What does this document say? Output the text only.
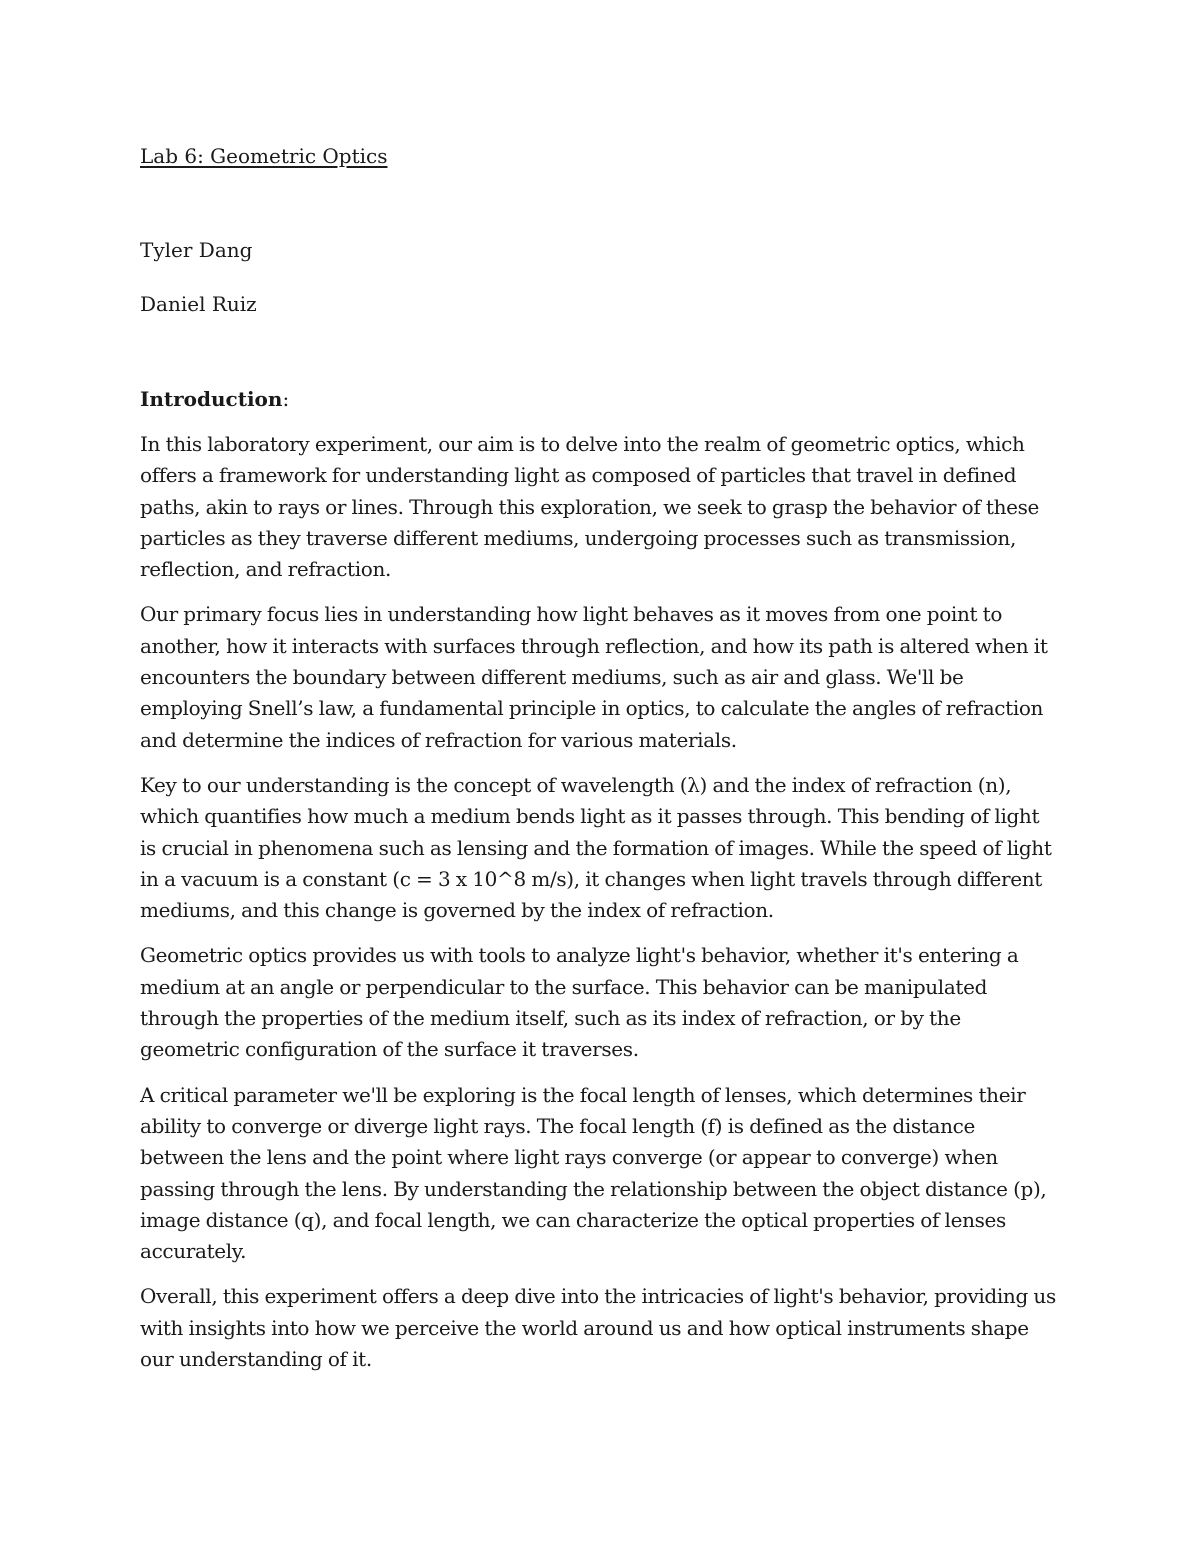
Lab 6: Geometric Optics

Tyler Dang

Daniel Ruiz

Introduction:

In this laboratory experiment, our aim is to delve into the realm of geometric optics, which offers a framework for understanding light as composed of particles that travel in defined paths, akin to rays or lines. Through this exploration, we seek to grasp the behavior of these particles as they traverse different mediums, undergoing processes such as transmission, reflection, and refraction.

Our primary focus lies in understanding how light behaves as it moves from one point to another, how it interacts with surfaces through reflection, and how its path is altered when it encounters the boundary between different mediums, such as air and glass. We'll be employing Snell’s law, a fundamental principle in optics, to calculate the angles of refraction and determine the indices of refraction for various materials.

Key to our understanding is the concept of wavelength (λ) and the index of refraction (n), which quantifies how much a medium bends light as it passes through. This bending of light is crucial in phenomena such as lensing and the formation of images. While the speed of light in a vacuum is a constant (c = 3 x 10^8 m/s), it changes when light travels through different mediums, and this change is governed by the index of refraction.

Geometric optics provides us with tools to analyze light's behavior, whether it's entering a medium at an angle or perpendicular to the surface. This behavior can be manipulated through the properties of the medium itself, such as its index of refraction, or by the geometric configuration of the surface it traverses.

A critical parameter we'll be exploring is the focal length of lenses, which determines their ability to converge or diverge light rays. The focal length (f) is defined as the distance between the lens and the point where light rays converge (or appear to converge) when passing through the lens. By understanding the relationship between the object distance (p), image distance (q), and focal length, we can characterize the optical properties of lenses accurately.

Overall, this experiment offers a deep dive into the intricacies of light's behavior, providing us with insights into how we perceive the world around us and how optical instruments shape our understanding of it.
